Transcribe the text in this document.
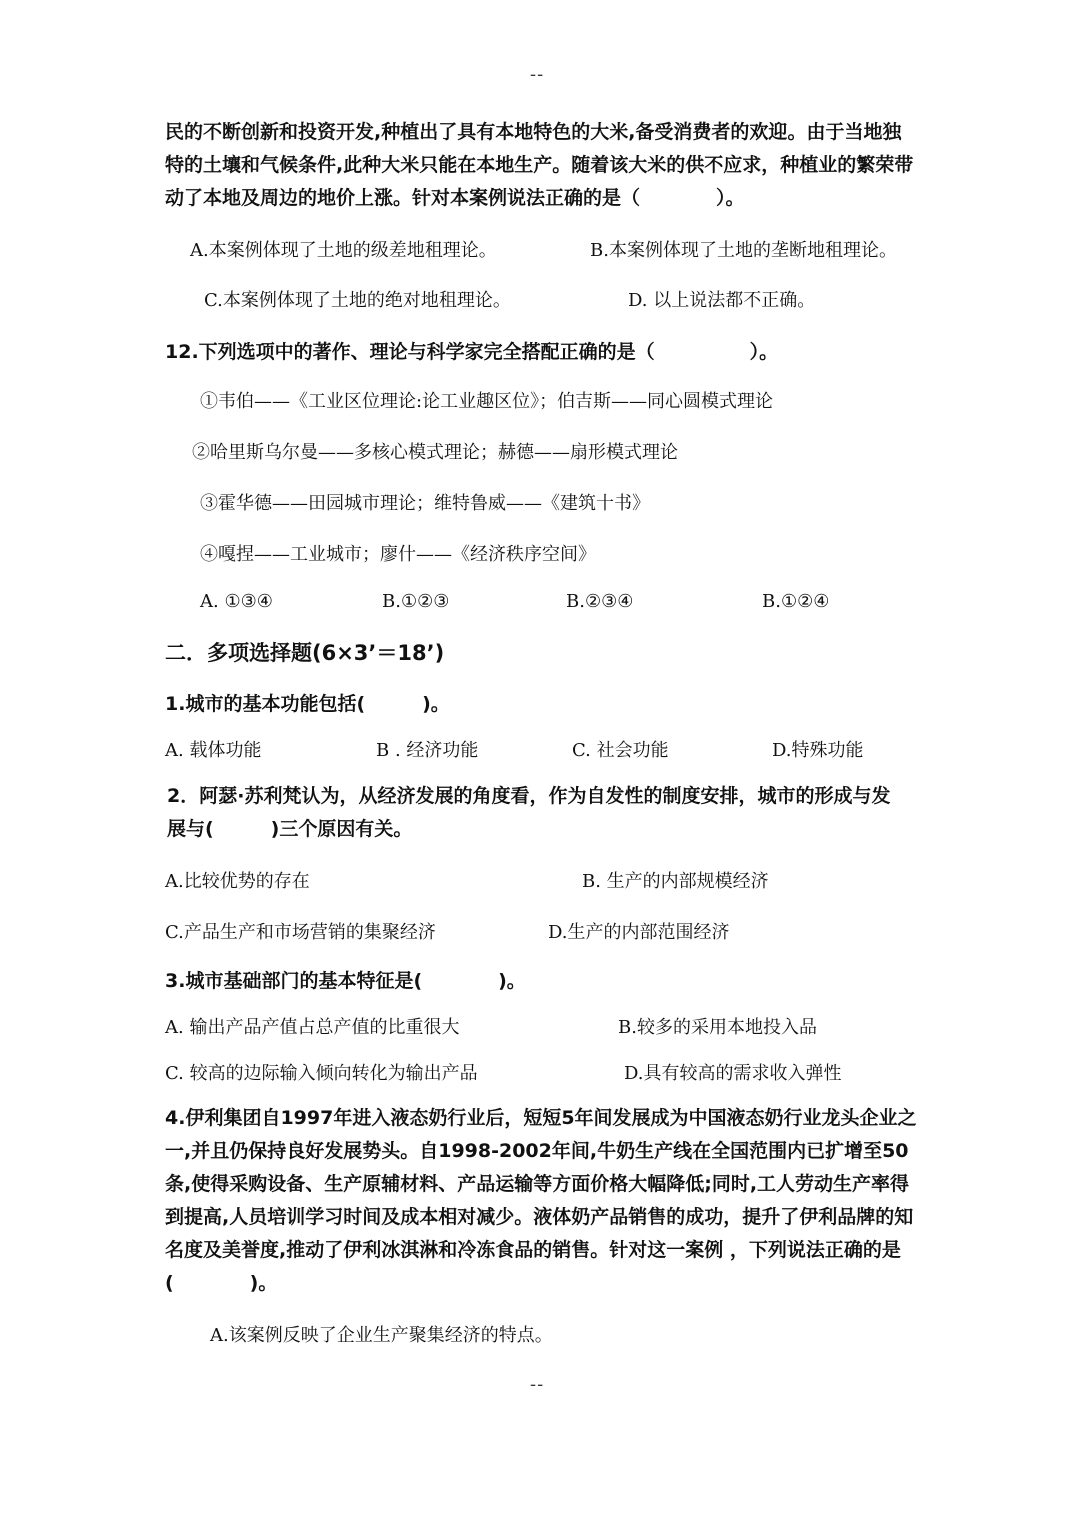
--
民的不断创新和投资开发,种植出了具有本地特色的大米,备受消费者的欢迎。由于当地独
特的土壤和气候条件,此种大米只能在本地生产。随着该大米的供不应求，种植业的繁荣带
动了本地及周边的地价上涨。针对本案例说法正确的是（　　　　）。
A.本案例体现了土地的级差地租理论。	B.本案例体现了土地的垄断地租理论。
C.本案例体现了土地的绝对地租理论。	D. 以上说法都不正确。
12.下列选项中的著作、理论与科学家完全搭配正确的是（　　　　　）。
①韦伯——《工业区位理论:论工业趣区位》；伯吉斯——同心圆模式理论
②哈里斯乌尔曼——多核心模式理论；赫德——扇形模式理论
③霍华德——田园城市理论；维特鲁威——《建筑十书》
④嘎捏——工业城市；廖什——《经济秩序空间》
A. ①③④	B.①②③	B.②③④	B.①②④
二．多项选择题(6×3’＝18’)
1.城市的基本功能包括(　　　)。
A. 载体功能	B . 经济功能	C. 社会功能	D.特殊功能
2．阿瑟·苏利梵认为，从经济发展的角度看，作为自发性的制度安排，城市的形成与发
展与(　　　)三个原因有关。
A.比较优势的存在	B. 生产的内部规模经济
C.产品生产和市场营销的集聚经济	D.生产的内部范围经济
3.城市基础部门的基本特征是(　　　　)。
A. 输出产品产值占总产值的比重很大	B.较多的采用本地投入品
C. 较高的边际输入倾向转化为输出产品	D.具有较高的需求收入弹性
4.伊利集团自1997年进入液态奶行业后，短短5年间发展成为中国液态奶行业龙头企业之
一,并且仍保持良好发展势头。自1998-2002年间,牛奶生产线在全国范围内已扩增至50
条,使得采购设备、生产原辅材料、产品运输等方面价格大幅降低;同时,工人劳动生产率得
到提高,人员培训学习时间及成本相对减少。液体奶产品销售的成功，提升了伊利品牌的知
名度及美誉度,推动了伊利冰淇淋和冷冻食品的销售。针对这一案例 ，下列说法正确的是
(　　　　)。
A.该案例反映了企业生产聚集经济的特点。
--
